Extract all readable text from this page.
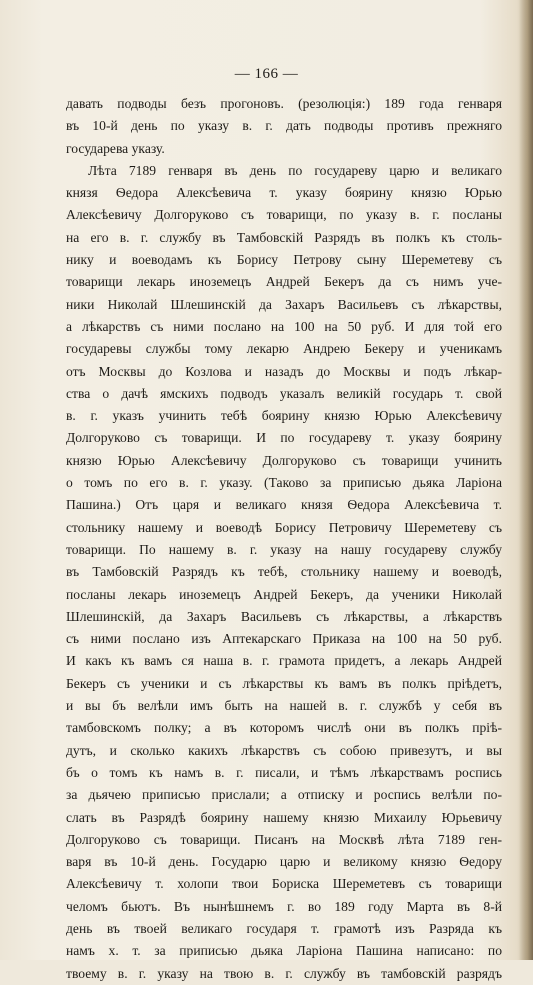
— 166 —
давать подводы безъ прогоновъ. (резолюція:) 189 года генваря
въ 10-й день по указу в. г. дать подводы противъ прежняго
государева указу.
Лѣта 7189 генваря въ день по государеву царю и великаго
князя Ѳедора Алексѣевича т. указу боярину князю Юрью
Алексѣевичу Долгоруково съ товарищи, по указу в. г. посланы
на его в. г. службу въ Тамбовскій Разрядъ въ полкъ къ столь-
нику и воеводамъ къ Борису Петрову сыну Шереметеву съ
товарищи лекарь иноземецъ Андрей Бекеръ да съ нимъ уче-
ники Николай Шлешинскій да Захаръ Васильевъ съ лѣкарствы,
а лѣкарствъ съ ними послано на 100 на 50 руб. И для той его
государевы службы тому лекарю Андрею Бекеру и ученикамъ
отъ Москвы до Козлова и назадъ до Москвы и подъ лѣкар-
ства о дачѣ ямскихъ подводъ указалъ великій государь т. свой
в. г. указъ учинить тебѣ боярину князю Юрью Алексѣевичу
Долгоруково съ товарищи. И по государеву т. указу боярину
князю Юрью Алексѣевичу Долгоруково съ товарищи учинить
о томъ по его в. г. указу. (Таково за приписью дьяка Ларіона
Пашина.) Отъ царя и великаго князя Ѳедора Алексѣевича т.
стольнику нашему и воеводѣ Борису Петровичу Шереметеву съ
товарищи. По нашему в. г. указу на нашу государеву службу
въ Тамбовскій Разрядъ къ тебѣ, стольнику нашему и воеводѣ,
посланы лекарь иноземецъ Андрей Бекеръ, да ученики Николай
Шлешинскій, да Захаръ Васильевъ съ лѣкарствы, а лѣкарствъ
съ ними послано изъ Аптекарскаго Приказа на 100 на 50 руб.
И какъ къ вамъ ся наша в. г. грамота придетъ, а лекарь Андрей
Бекеръ съ ученики и съ лѣкарствы къ вамъ въ полкъ пріѣдетъ,
и вы бъ велѣли имъ быть на нашей в. г. службѣ у себя въ
тамбовскомъ полку; а въ которомъ числѣ они въ полкъ пріѣ-
дутъ, и сколько какихъ лѣкарствъ съ собою привезутъ, и вы
бъ о томъ къ намъ в. г. писали, и тѣмъ лѣкарствамъ роспись
за дьячею приписью прислали; а отписку и роспись велѣли по-
слать въ Разрядѣ боярину нашему князю Михаилу Юрьевичу
Долгоруково съ товарищи. Писанъ на Москвѣ лѣта 7189 ген-
варя въ 10-й день. Государю царю и великому князю Ѳедору
Алексѣевичу т. холопи твои Бориска Шереметевъ съ товарищи
челомъ бьютъ. Въ нынѣшнемъ г. во 189 году Марта въ 8-й
день въ твоей великаго государя т. грамотѣ изъ Разряда къ
намъ х. т. за приписью дьяка Ларіона Пашина написано: по
твоему в. г. указу на твою в. г. службу въ тамбовскій разрядъ
